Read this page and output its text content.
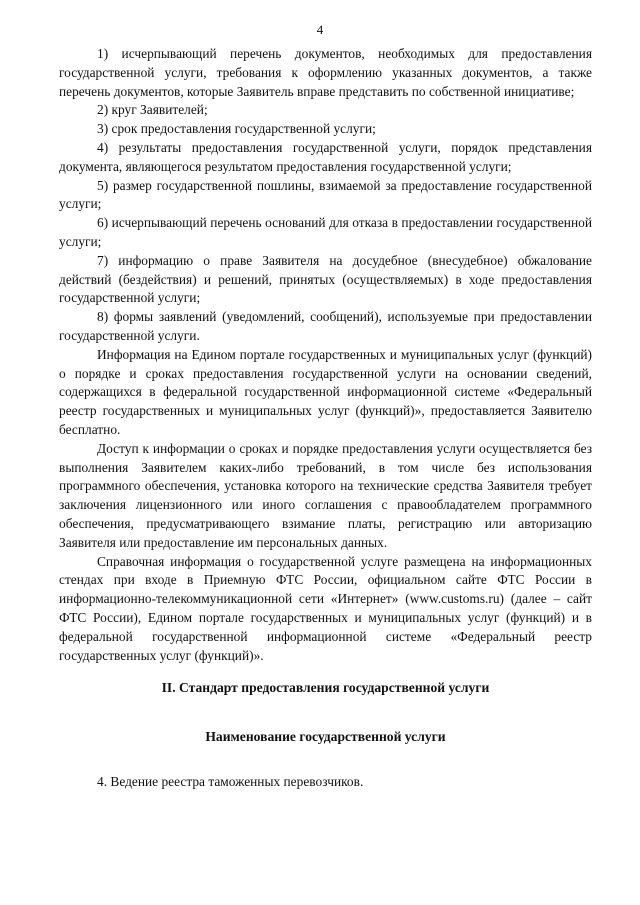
4

1) исчерпывающий перечень документов, необходимых для предоставления государственной услуги, требования к оформлению указанных документов, а также перечень документов, которые Заявитель вправе представить по собственной инициативе;

2) круг Заявителей;

3) срок предоставления государственной услуги;

4) результаты предоставления государственной услуги, порядок представления документа, являющегося результатом предоставления государственной услуги;

5) размер государственной пошлины, взимаемой за предоставление государственной услуги;

6) исчерпывающий перечень оснований для отказа в предоставлении государственной услуги;

7) информацию о праве Заявителя на досудебное (внесудебное) обжалование действий (бездействия) и решений, принятых (осуществляемых) в ходе предоставления государственной услуги;

8) формы заявлений (уведомлений, сообщений), используемые при предоставлении государственной услуги.

Информация на Едином портале государственных и муниципальных услуг (функций) о порядке и сроках предоставления государственной услуги на основании сведений, содержащихся в федеральной государственной информационной системе «Федеральный реестр государственных и муниципальных услуг (функций)», предоставляется Заявителю бесплатно.

Доступ к информации о сроках и порядке предоставления услуги осуществляется без выполнения Заявителем каких-либо требований, в том числе без использования программного обеспечения, установка которого на технические средства Заявителя требует заключения лицензионного или иного соглашения с правообладателем программного обеспечения, предусматривающего взимание платы, регистрацию или авторизацию Заявителя или предоставление им персональных данных.

Справочная информация о государственной услуге размещена на информационных стендах при входе в Приемную ФТС России, официальном сайте ФТС России в информационно-телекоммуникационной сети «Интернет» (www.customs.ru) (далее – сайт ФТС России), Едином портале государственных и муниципальных услуг (функций) и в федеральной государственной информационной системе «Федеральный реестр государственных услуг (функций)».

II. Стандарт предоставления государственной услуги

Наименование государственной услуги

4. Ведение реестра таможенных перевозчиков.
